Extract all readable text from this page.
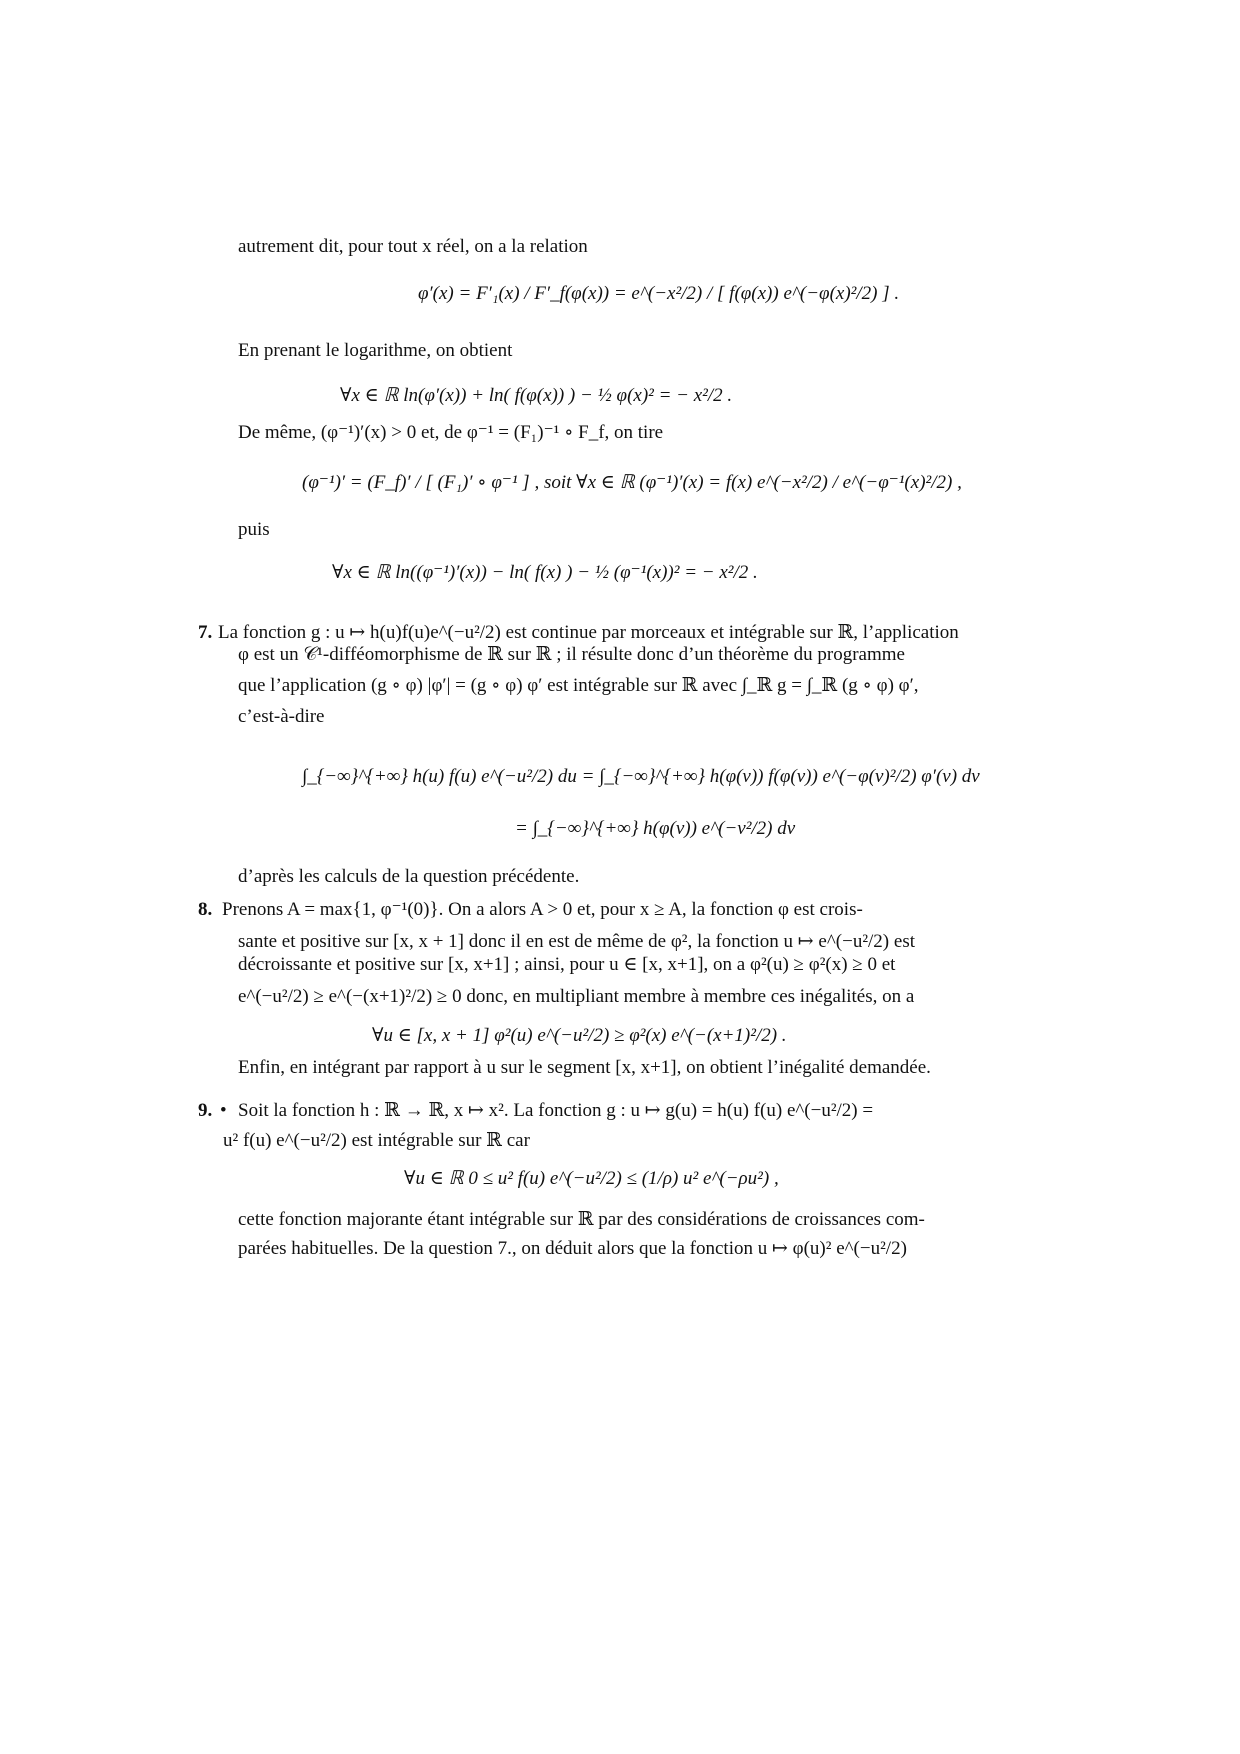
autrement dit, pour tout x réel, on a la relation
φ′(x) = F′₁(x) / F′_f(φ(x)) = e^(−x²/2) / [ f(φ(x)) e^(−φ(x)²/2) ] .
En prenant le logarithme, on obtient
∀x ∈ ℝ ln(φ′(x)) + ln( f(φ(x)) ) − ½ φ(x)² = − x²/2 .
De même, (φ⁻¹)′(x) > 0 et, de φ⁻¹ = (F₁)⁻¹ ∘ F_f, on tire
(φ⁻¹)′ = (F_f)′ / [ (F₁)′ ∘ φ⁻¹ ] , soit ∀x ∈ ℝ (φ⁻¹)′(x) = f(x) e^(−x²/2) / e^(−φ⁻¹(x)²/2) ,
puis
∀x ∈ ℝ ln((φ⁻¹)′(x)) − ln( f(x) ) − ½ (φ⁻¹(x))² = − x²/2 .
7. La fonction g : u ↦ h(u)f(u)e^(−u²/2) est continue par morceaux et intégrable sur ℝ, l’application
φ est un 𝒞¹-difféomorphisme de ℝ sur ℝ ; il résulte donc d’un théorème du programme
que l’application (g ∘ φ) |φ′| = (g ∘ φ) φ′ est intégrable sur ℝ avec ∫_ℝ g = ∫_ℝ (g ∘ φ) φ′,
c’est-à-dire
∫_{−∞}^{+∞} h(u) f(u) e^(−u²/2) du = ∫_{−∞}^{+∞} h(φ(v)) f(φ(v)) e^(−φ(v)²/2) φ′(v) dv
= ∫_{−∞}^{+∞} h(φ(v)) e^(−v²/2) dv
d’après les calculs de la question précédente.
8. Prenons A = max{1, φ⁻¹(0)}. On a alors A > 0 et, pour x ≥ A, la fonction φ est crois-
sante et positive sur [x, x + 1] donc il en est de même de φ², la fonction u ↦ e^(−u²/2) est
décroissante et positive sur [x, x+1] ; ainsi, pour u ∈ [x, x+1], on a φ²(u) ≥ φ²(x) ≥ 0 et
e^(−u²/2) ≥ e^(−(x+1)²/2) ≥ 0 donc, en multipliant membre à membre ces inégalités, on a
∀u ∈ [x, x + 1] φ²(u) e^(−u²/2) ≥ φ²(x) e^(−(x+1)²/2) .
Enfin, en intégrant par rapport à u sur le segment [x, x+1], on obtient l’inégalité demandée.
9. • Soit la fonction h : ℝ → ℝ, x ↦ x². La fonction g : u ↦ g(u) = h(u) f(u) e^(−u²/2) =
u² f(u) e^(−u²/2) est intégrable sur ℝ car
∀u ∈ ℝ 0 ≤ u² f(u) e^(−u²/2) ≤ (1/ρ) u² e^(−ρu²) ,
cette fonction majorante étant intégrable sur ℝ par des considérations de croissances com-
parées habituelles. De la question 7., on déduit alors que la fonction u ↦ φ(u)² e^(−u²/2)
